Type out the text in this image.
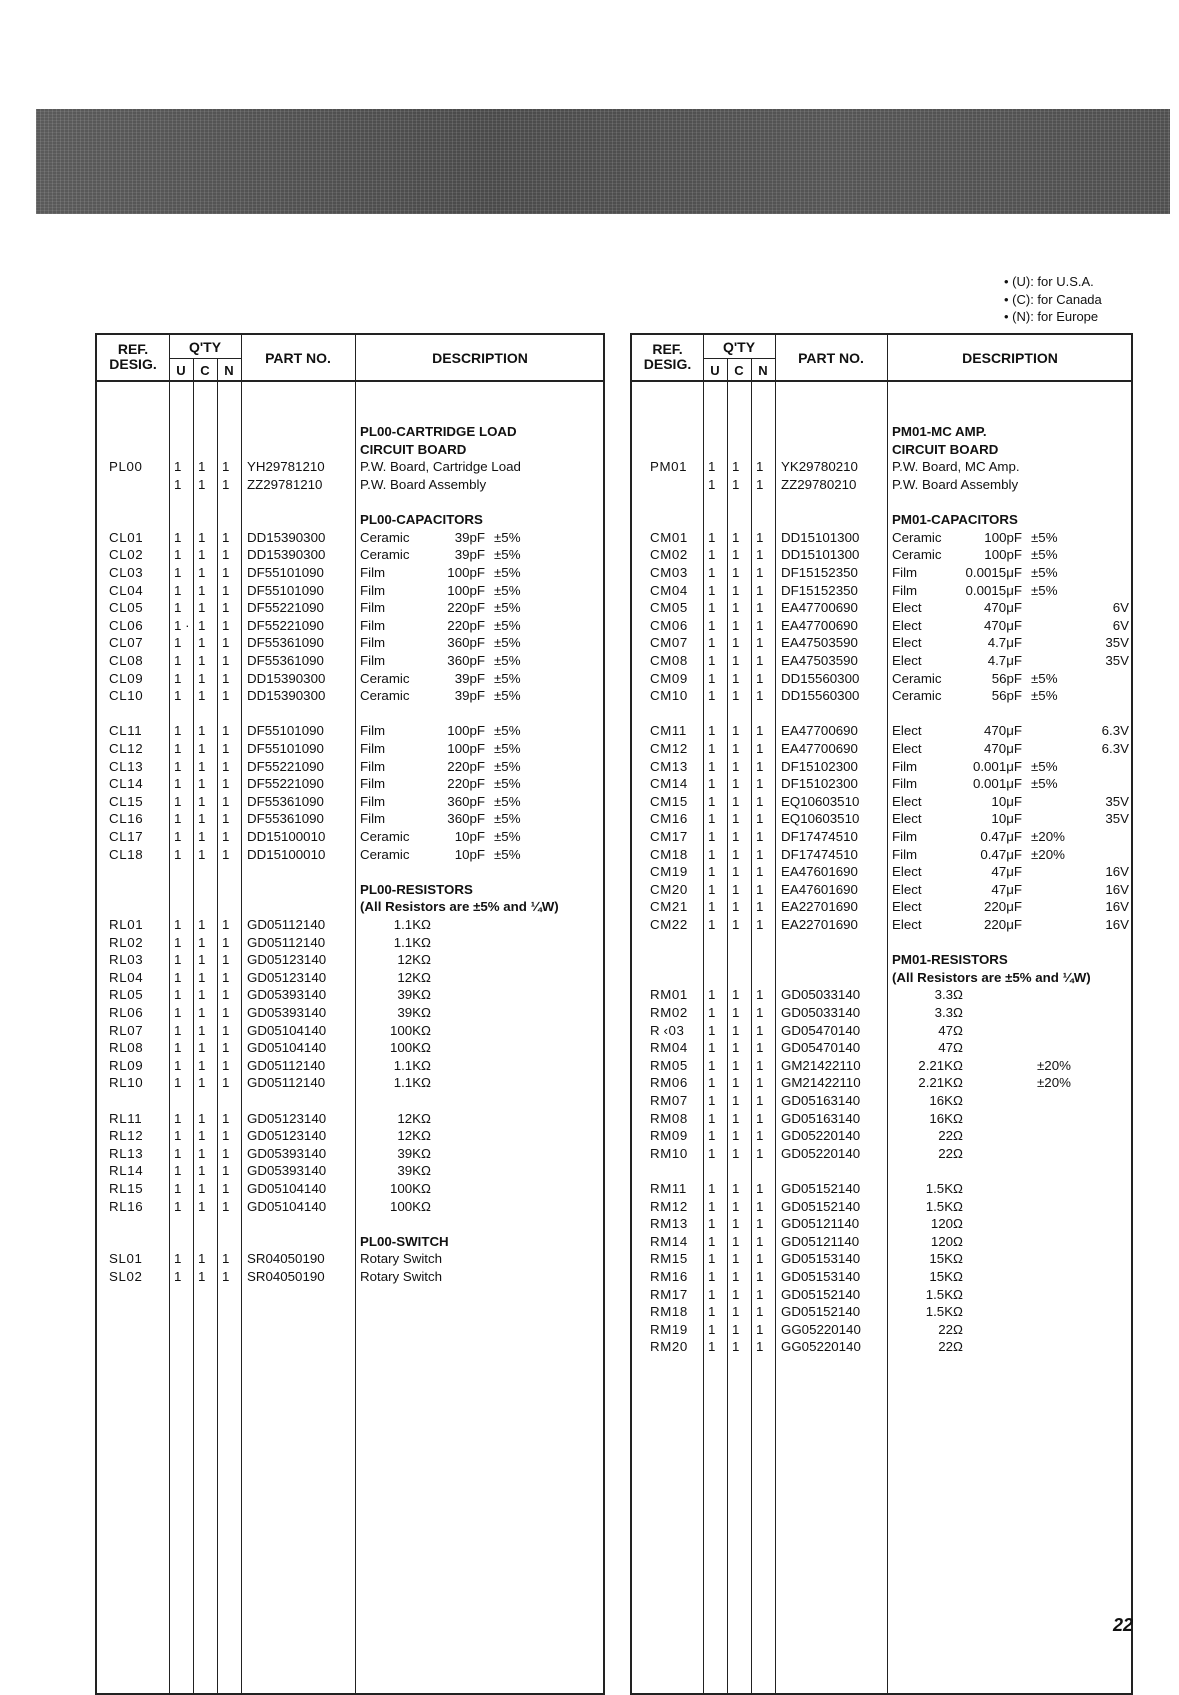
• (U): for U.S.A.
• (C): for Canada
• (N): for Europe
REF.
DESIG.
Q'TY
U	C	N
PART NO.	DESCRIPTION
PL00-CARTRIDGE LOAD
CIRCUIT BOARD
PL00 1 1 1 YH29781210	P.W. Board, Cartridge Load
1 1 1 ZZ29781210	P.W. Board Assembly
PL00-CAPACITORS
CL01 1 1 1 DD15390300	Ceramic	39pF ±5%
CL02 1 1 1 DD15390300	Ceramic	39pF ±5%
CL03 1 1 1 DF55101090	Film	100pF ±5%
CL04 1 1 1 DF55101090	Film	100pF ±5%
CL05 1 1 1 DF55221090	Film	220pF ±5%
CL06 1 · 1 1 DF55221090	Film	220pF ±5%
CL07 1 1 1 DF55361090	Film	360pF ±5%
CL08 1 1 1 DF55361090	Film	360pF ±5%
CL09 1 1 1 DD15390300	Ceramic	39pF ±5%
CL10 1 1 1 DD15390300	Ceramic	39pF ±5%
CL11 1 1 1 DF55101090	Film	100pF ±5%
CL12 1 1 1 DF55101090	Film	100pF ±5%
CL13 1 1 1 DF55221090	Film	220pF ±5%
CL14 1 1 1 DF55221090	Film	220pF ±5%
CL15 1 1 1 DF55361090	Film	360pF ±5%
CL16 1 1 1 DF55361090	Film	360pF ±5%
CL17 1 1 1 DD15100010	Ceramic	10pF ±5%
CL18 1 1 1 DD15100010	Ceramic	10pF ±5%
PL00-RESISTORS
(All Resistors are ±5% and ¼W)
RL01 1 1 1 GD05112140	1.1KΩ
RL02 1 1 1 GD05112140	1.1KΩ
RL03 1 1 1 GD05123140	12KΩ
RL04 1 1 1 GD05123140	12KΩ
RL05 1 1 1 GD05393140	39KΩ
RL06 1 1 1 GD05393140	39KΩ
RL07 1 1 1 GD05104140	100KΩ
RL08 1 1 1 GD05104140	100KΩ
RL09 1 1 1 GD05112140	1.1KΩ
RL10 1 1 1 GD05112140	1.1KΩ
RL11 1 1 1 GD05123140	12KΩ
RL12 1 1 1 GD05123140	12KΩ
RL13 1 1 1 GD05393140	39KΩ
RL14 1 1 1 GD05393140	39KΩ
RL15 1 1 1 GD05104140	100KΩ
RL16 1 1 1 GD05104140	100KΩ
PL00-SWITCH
SL01 1 1 1 SR04050190	Rotary Switch
SL02 1 1 1 SR04050190	Rotary Switch
REF.
DESIG.
Q'TY
U	C	N
PART NO.	DESCRIPTION
PM01-MC AMP.
CIRCUIT BOARD
PM01 1 1 1 YK29780210	P.W. Board, MC Amp.
1 1 1 ZZ29780210	P.W. Board Assembly
PM01-CAPACITORS
CM01 1 1 1 DD15101300 Ceramic	100pF ±5%
CM02 1 1 1 DD15101300 Ceramic	100pF ±5%
CM03 1 1 1 DF15152350	Film	0.0015μF ±5%
CM04 1 1 1 DF15152350	Film	0.0015μF ±5%
CM05 1 1 1 EA47700690	Elect	470μF	6V
CM06 1 1 1 EA47700690	Elect	470μF	6V
CM07 1 1 1 EA47503590	Elect	4.7μF	35V
CM08 1 1 1 EA47503590	Elect	4.7μF	35V
CM09 1 1 1 DD15560300 Ceramic	56pF ±5%
CM10 1 1 1 DD15560300 Ceramic	56pF ±5%
CM11 1 1 1 EA47700690	Elect	470μF	6.3V
CM12 1 1 1 EA47700690	Elect	470μF	6.3V
CM13 1 1 1 DF15102300	Film	0.001μF ±5%
CM14 1 1 1 DF15102300	Film	0.001μF ±5%
CM15 1 1 1 EQ10603510 Elect	10μF	35V
CM16 1 1 1 EQ10603510 Elect	10μF	35V
CM17 1 1 1 DF17474510	Film	0.47μF ±20%
CM18 1 1 1 DF17474510	Film	0.47μF ±20%
CM19 1 1 1 EA47601690	Elect	47μF	16V
CM20 1 1 1 EA47601690	Elect	47μF	16V
CM21 1 1 1 EA22701690	Elect	220μF	16V
CM22 1 1 1 EA22701690	Elect	220μF	16V
PM01-RESISTORS
(All Resistors are ±5% and ¼W)
RM01 1 1 1 GD05033140	3.3Ω
RM02 1 1 1 GD05033140	3.3Ω
R ‹03 1 1 1 GD05470140	47Ω
RM04 1 1 1 GD05470140	47Ω
RM05 1 1 1 GM21422110	2.21KΩ	±20%
RM06 1 1 1 GM21422110	2.21KΩ	±20%
RM07 1 1 1 GD05163140	16KΩ
RM08 1 1 1 GD05163140	16KΩ
RM09 1 1 1 GD05220140	22Ω
RM10 1 1 1 GD05220140	22Ω
RM11 1 1 1 GD05152140	1.5KΩ
RM12 1 1 1 GD05152140	1.5KΩ
RM13 1 1 1 GD05121140	120Ω
RM14 1 1 1 GD05121140	120Ω
RM15 1 1 1 GD05153140	15KΩ
RM16 1 1 1 GD05153140	15KΩ
RM17 1 1 1 GD05152140	1.5KΩ
RM18 1 1 1 GD05152140	1.5KΩ
RM19 1 1 1 GG05220140	22Ω
RM20 1 1 1 GG05220140	22Ω
22
